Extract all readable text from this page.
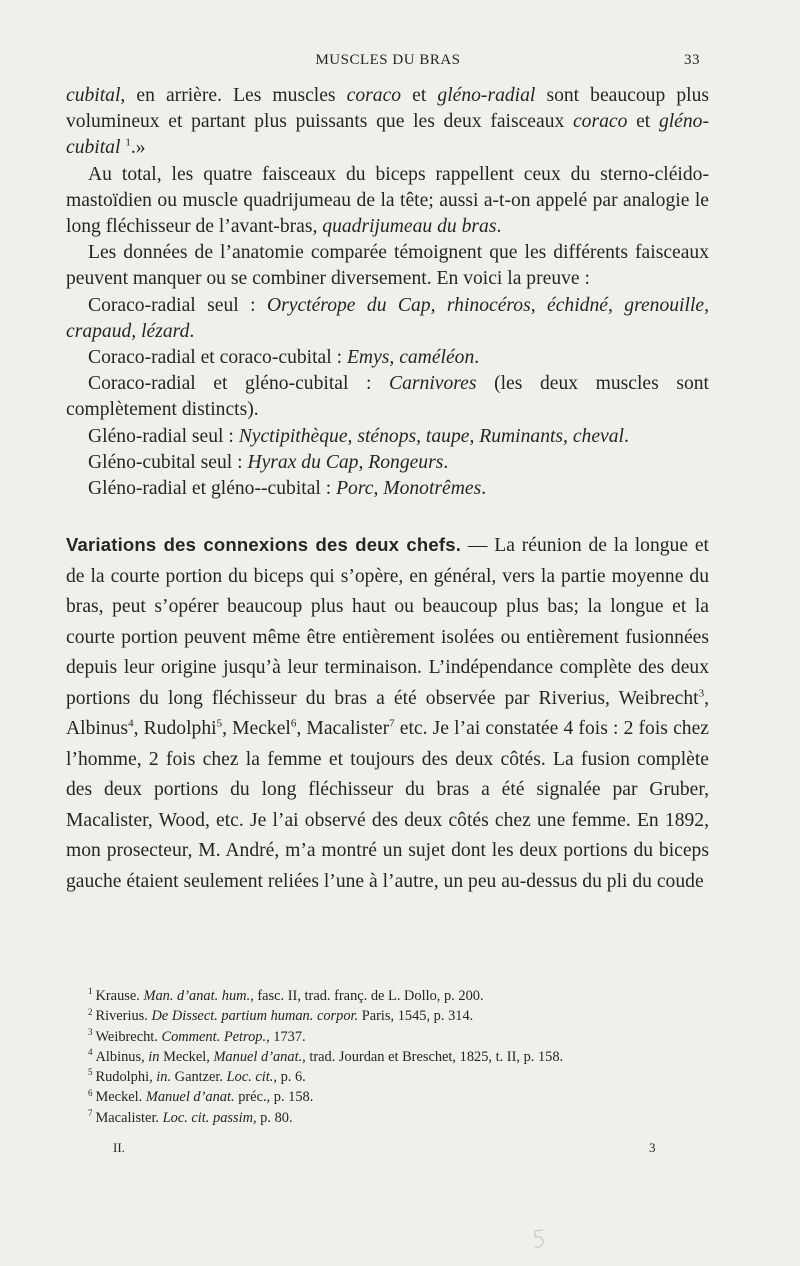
MUSCLES DU BRAS	33

cubital, en arrière. Les muscles coraco et gléno-radial sont beaucoup plus volumineux et partant plus puissants que les deux faisceaux coraco et gléno-cubital $^1$.»

Au total, les quatre faisceaux du biceps rappellent ceux du sterno-cléido-mastoïdien ou muscle quadrijumeau de la tête; aussi a-t-on appelé par analogie le long fléchisseur de l’avant-bras, quadrijumeau du bras.

Les données de l’anatomie comparée témoignent que les différents faisceaux peuvent manquer ou se combiner diversement. En voici la preuve :

Coraco-radial seul : Oryctérope du Cap, rhinocéros, échidné, grenouille, crapaud, lézard.

Coraco-radial et coraco-cubital : Emys, caméléon.

Coraco-radial et gléno-cubital : Carnivores (les deux muscles sont complètement distincts).

Gléno-radial seul : Nyctipithèque, sténops, taupe, Ruminants, cheval.

Gléno-cubital seul : Hyrax du Cap, Rongeurs.

Gléno-radial et gléno--cubital : Porc, Monotrêmes.

Variations des connexions des deux chefs. — La réunion de la longue et de la courte portion du biceps qui s’opère, en général, vers la partie moyenne du bras, peut s’opérer beaucoup plus haut ou beaucoup plus bas; la longue et la courte portion peuvent même être entièrement isolées ou entièrement fusionnées depuis leur origine jusqu’à leur terminaison. L’indépendance complète des deux portions du long fléchisseur du bras a été observée par Riverius, Weibrecht$^3$, Albinus$^4$, Rudolphi$^5$, Meckel$^6$, Macalister$^7$ etc. Je l’ai constatée 4 fois : 2 fois chez l’homme, 2 fois chez la femme et toujours des deux côtés. La fusion complète des deux portions du long fléchisseur du bras a été signalée par Gruber, Macalister, Wood, etc. Je l’ai observé des deux côtés chez une femme. En 1892, mon prosecteur, M. André, m’a montré un sujet dont les deux portions du biceps gauche étaient seulement reliées l’une à l’autre, un peu au-dessus du pli du coude

$^1$ Krause. Man. d’anat. hum., fasc. II, trad. franç. de L. Dollo, p. 200.
$^2$ Riverius. De Dissect. partium human. corpor. Paris, 1545, p. 314.
$^3$ Weibrecht. Comment. Petrop., 1737.
$^4$ Albinus, in Meckel, Manuel d’anat., trad. Jourdan et Breschet, 1825, t. II, p. 158.
$^5$ Rudolphi, in. Gantzer. Loc. cit., p. 6.
$^6$ Meckel. Manuel d’anat. préc., p. 158.
$^7$ Macalister. Loc. cit. passim, p. 80.
II.	3
